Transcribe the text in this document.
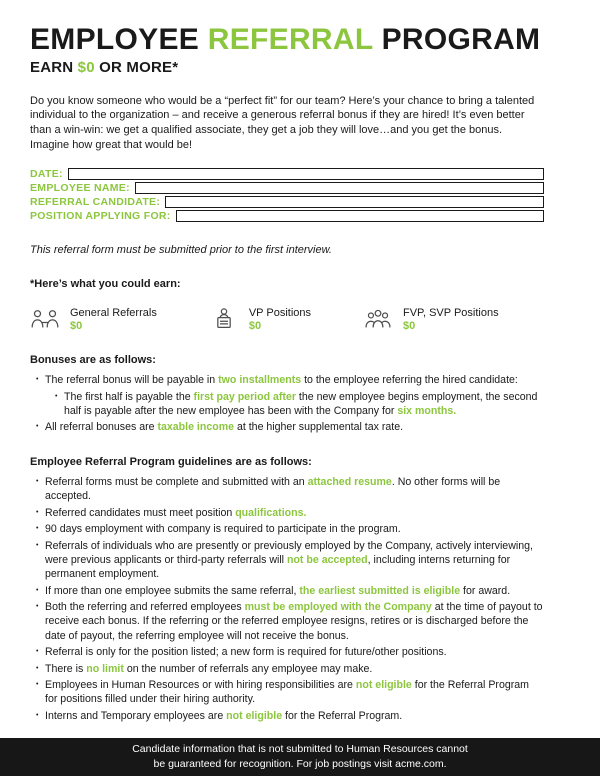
EMPLOYEE REFERRAL PROGRAM
EARN $0 OR MORE*

Do you know someone who would be a “perfect fit” for our team? Here’s your chance to bring a talented individual to the organization – and receive a generous referral bonus if they are hired! It’s even better than a win-win: we get a qualified associate, they get a job they will love…and you get the bonus. Imagine how great that would be!

DATE:
EMPLOYEE NAME:
REFERRAL CANDIDATE:
POSITION APPLYING FOR:

This referral form must be submitted prior to the first interview.

*Here’s what you could earn:
General Referrals
$0
VP Positions
$0
FVP, SVP Positions
$0
Bonuses are as follows:
• The referral bonus will be payable in two installments to the employee referring the hired candidate:
• The first half is payable the first pay period after the new employee begins employment, the second half is payable after the new employee has been with the Company for six months.
• All referral bonuses are taxable income at the higher supplemental tax rate.
Employee Referral Program guidelines are as follows:
• Referral forms must be complete and submitted with an attached resume. No other forms will be accepted.
• Referred candidates must meet position qualifications.
• 90 days employment with company is required to participate in the program.
• Referrals of individuals who are presently or previously employed by the Company, actively interviewing, were previous applicants or third-party referrals will not be accepted, including interns returning for permanent employment.
• If more than one employee submits the same referral, the earliest submitted is eligible for award.
• Both the referring and referred employees must be employed with the Company at the time of payout to receive each bonus. If the referring or the referred employee resigns, retires or is discharged before the date of payout, the referring employee will not receive the bonus.
• Referral is only for the position listed; a new form is required for future/other positions.
• There is no limit on the number of referrals any employee may make.
• Employees in Human Resources or with hiring responsibilities are not eligible for the Referral Program for positions filled under their hiring authority.
• Interns and Temporary employees are not eligible for the Referral Program.
Candidate information that is not submitted to Human Resources cannot
be guaranteed for recognition. For job postings visit acme.com.
